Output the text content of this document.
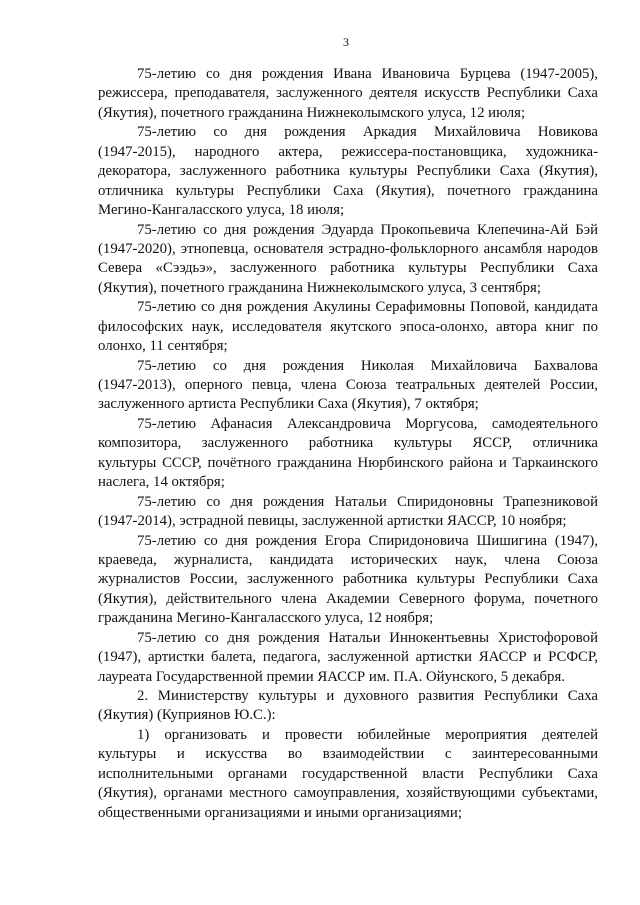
3
75-летию со дня рождения Ивана Ивановича Бурцева (1947-2005),
режиссера, преподавателя, заслуженного деятеля искусств Республики Саха
(Якутия), почетного гражданина Нижнеколымского улуса, 12 июля;
75-летию со дня рождения Аркадия Михайловича Новикова
(1947-2015), народного актера, режиссера-постановщика, художника-
декоратора, заслуженного работника культуры Республики Саха (Якутия),
отличника культуры Республики Саха (Якутия), почетного гражданина
Мегино-Кангаласского улуса, 18 июля;
75-летию со дня рождения Эдуарда Прокопьевича Клепечина-Ай Бэй
(1947-2020), этнопевца, основателя эстрадно-фольклорного ансамбля народов
Севера «Сээдьэ», заслуженного работника культуры Республики Саха
(Якутия), почетного гражданина Нижнеколымского улуса, 3 сентября;
75-летию со дня рождения Акулины Серафимовны Поповой, кандидата
философских наук, исследователя якутского эпоса-олонхо, автора книг по
олонхо, 11 сентября;
75-летию со дня рождения Николая Михайловича Бахвалова
(1947-2013), оперного певца, члена Союза театральных деятелей России,
заслуженного артиста Республики Саха (Якутия), 7 октября;
75-летию Афанасия Александровича Моргусова, самодеятельного
композитора, заслуженного работника культуры ЯССР, отличника
культуры СССР, почётного гражданина Нюрбинского района и Таркаинского
наслега, 14 октября;
75-летию со дня рождения Натальи Спиридоновны Трапезниковой
(1947-2014), эстрадной певицы, заслуженной артистки ЯАССР, 10 ноября;
75-летию со дня рождения Егора Спиридоновича Шишигина (1947),
краеведа, журналиста, кандидата исторических наук, члена Союза
журналистов России, заслуженного работника культуры Республики Саха
(Якутия), действительного члена Академии Северного форума, почетного
гражданина Мегино-Кангаласского улуса, 12 ноября;
75-летию со дня рождения Натальи Иннокентьевны Христофоровой
(1947), артистки балета, педагога, заслуженной артистки ЯАССР и РСФСР,
лауреата Государственной премии ЯАССР им. П.А. Ойунского, 5 декабря.
2. Министерству культуры и духовного развития Республики Саха
(Якутия) (Куприянов Ю.С.):
1) организовать и провести юбилейные мероприятия деятелей
культуры и искусства во взаимодействии с заинтересованными
исполнительными органами государственной власти Республики Саха
(Якутия), органами местного самоуправления, хозяйствующими субъектами,
общественными организациями и иными организациями;
